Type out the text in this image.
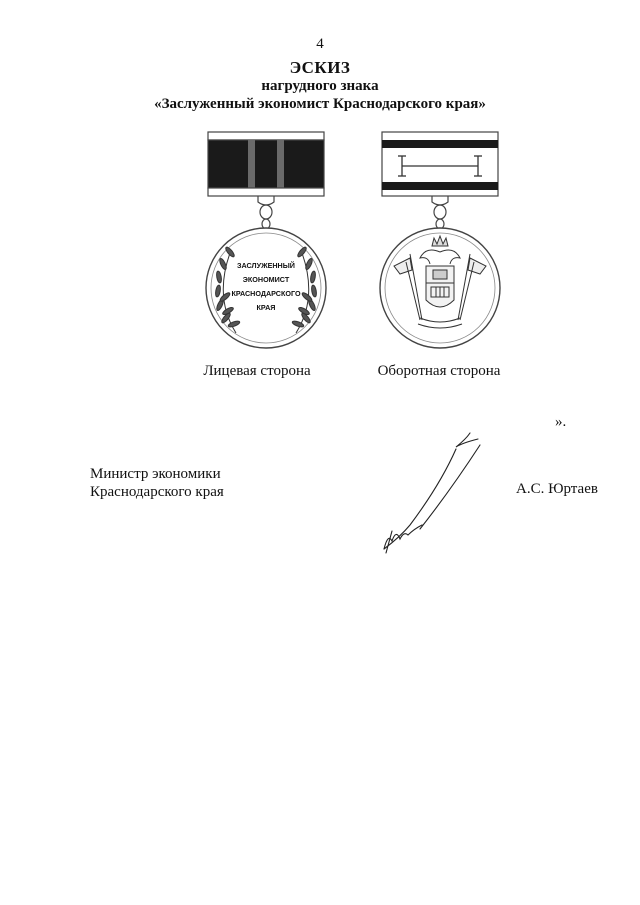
4
ЭСКИЗ
нагрудного знака
«Заслуженный экономист Краснодарского края»
ЗАСЛУЖЕННЫЙ
ЭКОНОМИСТ
КРАСНОДАРСКОГО
КРАЯ
Лицевая сторона	Оборотная сторона
».
Министр экономики
Краснодарского края	А.С. Юртаев
